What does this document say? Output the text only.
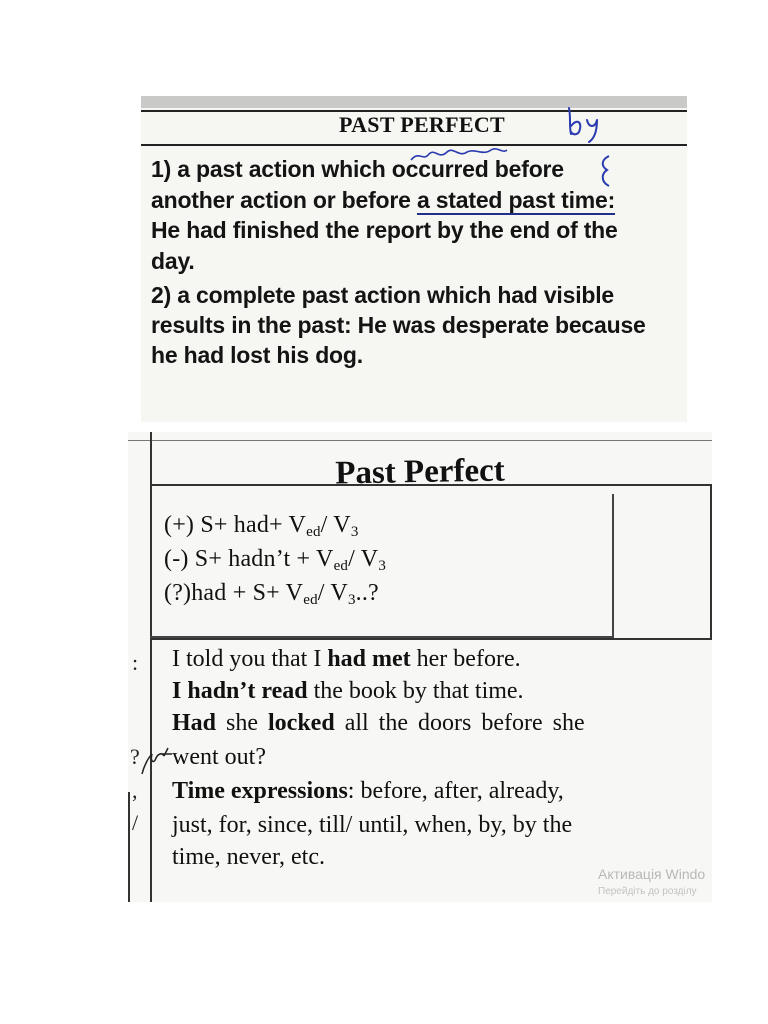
PAST PERFECT
1) a past action which occurred before
another action or before a stated past time:
He had finished the report by the end of the
day.
2) a complete past action which had visible
results in the past: He was desperate because
he had lost his dog.
Past Perfect
(+) $S+ had+ V_{ed}/$ $V_3$
(-) S+ hadn’t + $V_{ed}/$ $V_3$
(?)had + $S+ V_{ed}/$ $V_3$..?
I told you that I had met her before.
I hadn’t read the book by that time.
Had she locked all the doors before she
went out?
Time expressions: before, after, already,
just, for, since, till/ until, when, by, by the
time, never, etc.
:
?
,
/
Активація Windo
Перейдіть до розділу
